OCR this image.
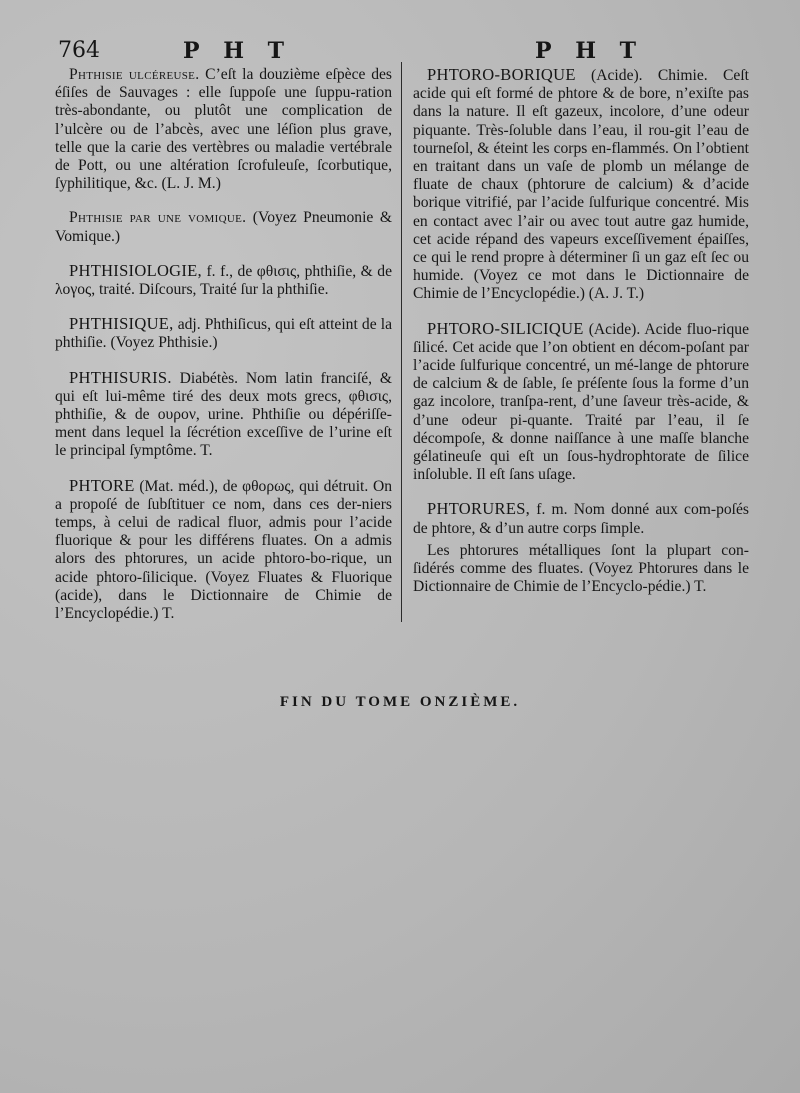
764	P H T	P H T

Phthisie ulcéreuse. C’eſt la douzième eſpèce des éſiſes de Sauvages : elle ſuppoſe une ſuppu-ration très-abondante, ou plutôt une complication de l’ulcère ou de l’abcès, avec une léſion plus grave, telle que la carie des vertèbres ou maladie vertébrale de Pott, ou une altération ſcrofuleuſe, ſcorbutique, ſyphilitique, &c. (L. J. M.)

Phthisie par une vomique. (Voyez Pneumonie & Vomique.)

PHTHISIOLOGIE, f. f., de φθισις, phthiſie, & de λογος, traité. Diſcours, Traité ſur la phthiſie.

PHTHISIQUE, adj. Phthiſicus, qui eſt atteint de la phthiſie. (Voyez Phthisie.)

PHTHISURIS. Diabétès. Nom latin franciſé, & qui eſt lui-même tiré des deux mots grecs, φθισις, phthiſie, & de ουρον, urine. Phthiſie ou dépériſſe-ment dans lequel la ſécrétion exceſſive de l’urine eſt le principal ſymptôme. T.

PHTORE (Mat. méd.), de φθορως, qui détruit. On a propoſé de ſubſtituer ce nom, dans ces der-niers temps, à celui de radical fluor, admis pour l’acide fluorique & pour les différens fluates. On a admis alors des phtorures, un acide phtoro-bo-rique, un acide phtoro-ſilicique. (Voyez Fluates & Fluorique (acide), dans le Dictionnaire de Chimie de l’Encyclopédie.) T.

PHTORO-BORIQUE (Acide). Chimie. Ceſt acide qui eſt formé de phtore & de bore, n’exiſte pas dans la nature. Il eſt gazeux, incolore, d’une odeur piquante. Très-ſoluble dans l’eau, il rou-git l’eau de tourneſol, & éteint les corps en-flammés. On l’obtient en traitant dans un vaſe de plomb un mélange de fluate de chaux (phtorure de calcium) & d’acide borique vitrifié, par l’acide ſulfurique concentré. Mis en contact avec l’air ou avec tout autre gaz humide, cet acide répand des vapeurs exceſſivement épaiſſes, ce qui le rend propre à déterminer ſi un gaz eſt ſec ou humide. (Voyez ce mot dans le Dictionnaire de Chimie de l’Encyclopédie.) (A. J. T.)

PHTORO-SILICIQUE (Acide). Acide fluo-rique ſilicé. Cet acide que l’on obtient en décom-poſant par l’acide ſulfurique concentré, un mé-lange de phtorure de calcium & de ſable, ſe préſente ſous la forme d’un gaz incolore, tranſpa-rent, d’une ſaveur très-acide, & d’une odeur pi-quante. Traité par l’eau, il ſe décompoſe, & donne naiſſance à une maſſe blanche gélatineuſe qui eſt un ſous-hydrophtorate de ſilice inſoluble. Il eſt ſans uſage.

PHTORURES, f. m. Nom donné aux com-poſés de phtore, & d’un autre corps ſimple.

Les phtorures métalliques ſont la plupart con-ſidérés comme des fluates. (Voyez Phtorures dans le Dictionnaire de Chimie de l’Encyclo-pédie.) T.

FIN DU TOME ONZIÈME.
